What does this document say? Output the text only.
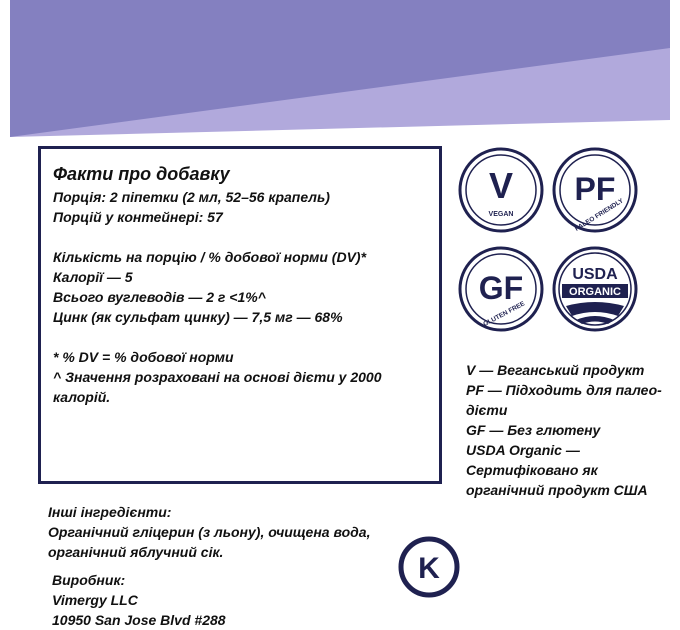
Факти про добавку
Порція: 2 піпетки (2 мл, 52–56 крапель)
Порцій у контейнері: 57
Кількість на порцію / % добової норми (DV)*
Калорії — 5
Всього вуглеводів — 2 г <1%^
Цинк (як сульфат цинку) — 7,5 мг — 68%
* % DV = % добової норми
^ Значення розраховані на основі дієти у 2000 калорій.
V
VEGAN
PF
PALEO FRIENDLY
GF
GLUTEN FREE
USDA
ORGANIC
V — Веганський продукт
PF — Підходить для палео-дієти
GF — Без глютену
USDA Organic — Сертифіковано як органічний продукт США
Інші інгредієнти:
Органічний гліцерин (з льону), очищена вода, органічний яблучний сік.	K
Виробник:
Vimergy LLC
10950 San Jose Blvd #288
